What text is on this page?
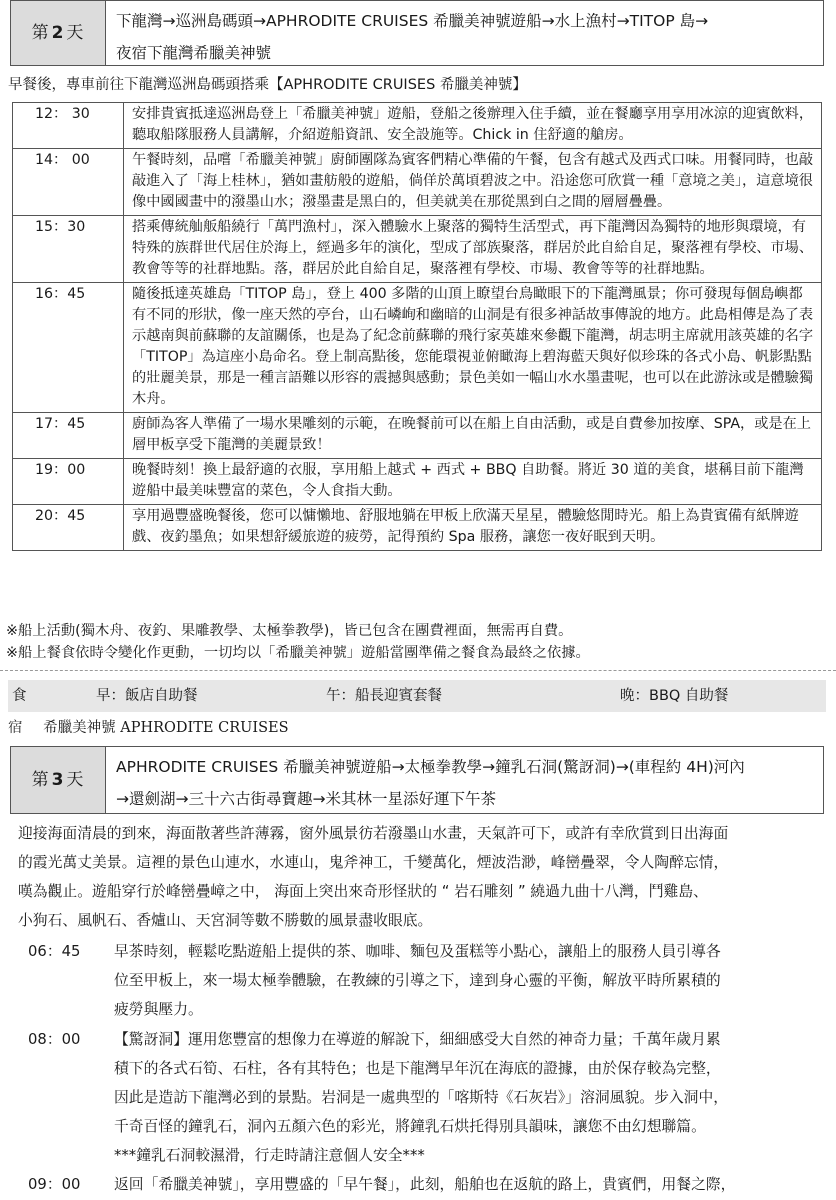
第 2 天
下龍灣→巡洲島碼頭→APHRODITE CRUISES 希臘美神號遊船→水上漁村→TITOP 島→
夜宿下龍灣希臘美神號
早餐後，專車前往下龍灣巡洲島碼頭搭乘【APHRODITE CRUISES 希臘美神號】
12： 30	安排貴賓抵達巡洲島登上「希臘美神號」遊船，登船之後辦理入住手續，並在餐廳享用享用冰涼的迎賓飲料，聽取船隊服務人員講解，介紹遊船資訊、安全設施等。Chick in 住舒適的艙房。
14： 00	午餐時刻，品嚐「希臘美神號」廚師團隊為賓客們精心準備的午餐，包含有越式及西式口味。用餐同時，也敲敲進入了「海上桂林」，猶如畫舫般的遊船，倘佯於萬頃碧波之中。沿途您可欣賞一種「意境之美」，這意境很像中國國畫中的潑墨山水；潑墨畫是黑白的，但美就美在那從黑到白之間的層層疊疊。
15：30	搭乘傳統舢舨船繞行「萬門漁村」，深入體驗水上聚落的獨特生活型式，再下龍灣因為獨特的地形與環境，有特殊的族群世代居住於海上，經過多年的演化，型成了部族聚落，群居於此自給自足，聚落裡有學校、市場、教會等等的社群地點。落，群居於此自給自足，聚落裡有學校、市場、教會等等的社群地點。
16：45	隨後抵達英雄島「TITOP 島」，登上 400 多階的山頂上瞭望台鳥瞰眼下的下龍灣風景；你可發現每個島嶼都有不同的形狀，像一座天然的亭台，山石嶙峋和幽暗的山洞是有很多神話故事傳說的地方。此島相傳是為了表示越南與前蘇聯的友誼關係，也是為了紀念前蘇聯的飛行家英雄來參觀下龍灣，胡志明主席就用該英雄的名字「TITOP」為這座小島命名。登上制高點後，您能環視並俯瞰海上碧海藍天與好似珍珠的各式小島、帆影點點的壯麗美景，那是一種言語難以形容的震撼與感動；景色美如一幅山水水墨畫呢，也可以在此游泳或是體驗獨木舟。
17：45	廚師為客人準備了一場水果雕刻的示範，在晚餐前可以在船上自由活動，或是自費參加按摩、SPA，或是在上層甲板享受下龍灣的美麗景致！
19：00	晚餐時刻！換上最舒適的衣服，享用船上越式 + 西式 + BBQ 自助餐。將近 30 道的美食，堪稱目前下龍灣遊船中最美味豐富的菜色，令人食指大動。
20：45	享用過豐盛晚餐後，您可以慵懶地、舒服地躺在甲板上欣滿天星星，體驗悠閒時光。船上為貴賓備有紙牌遊戲、夜釣墨魚；如果想舒緩旅遊的疲勞，記得預約 Spa 服務，讓您一夜好眠到天明。
※船上活動(獨木舟、夜釣、果雕教學、太極拳教學)，皆已包含在團費裡面，無需再自費。
※船上餐食依時令變化作更動，一切均以「希臘美神號」遊船當團準備之餐食為最終之依據。
食	早：飯店自助餐	午：船長迎賓套餐	晚：BBQ 自助餐
宿 希臘美神號 APHRODITE CRUISES
第 3 天
APHRODITE CRUISES 希臘美神號遊船→太極拳教學→鐘乳石洞(驚訝洞)→(車程約 4H)河內
→還劍湖→三十六古街尋寶趣→米其林一星添好運下午茶
迎接海面清晨的到來，海面散著些許薄霧，窗外風景彷若潑墨山水畫，天氣許可下，或許有幸欣賞到日出海面
的霞光萬丈美景。這裡的景色山連水，水連山，鬼斧神工，千變萬化，煙波浩渺，峰巒疊翠，令人陶醉忘情，
嘆為觀止。遊船穿行於峰巒疊嶂之中， 海面上突出來奇形怪狀的 “ 岩石雕刻 ” 繞過九曲十八灣，鬥雞島、
小狗石、風帆石、香爐山、天宮洞等數不勝數的風景盡收眼底。
06：45	早茶時刻，輕鬆吃點遊船上提供的茶、咖啡、麵包及蛋糕等小點心，讓船上的服務人員引導各
位至甲板上，來一場太極拳體驗，在教練的引導之下，達到身心靈的平衡，解放平時所累積的
疲勞與壓力。
08：00	【驚訝洞】運用您豐富的想像力在導遊的解說下，細細感受大自然的神奇力量；千萬年歲月累
積下的各式石筍、石柱，各有其特色；也是下龍灣早年沉在海底的證據，由於保存較為完整，
因此是造訪下龍灣必到的景點。岩洞是一處典型的「喀斯特《石灰岩》」溶洞風貌。步入洞中，
千奇百怪的鐘乳石，洞內五顏六色的彩光，將鐘乳石烘托得別具韻味，讓您不由幻想聯篇。
***鐘乳石洞較濕滑，行走時請注意個人安全***
09：00	返回「希臘美神號」，享用豐盛的「早午餐」，此刻，船舶也在返航的路上，貴賓們，用餐之際，
